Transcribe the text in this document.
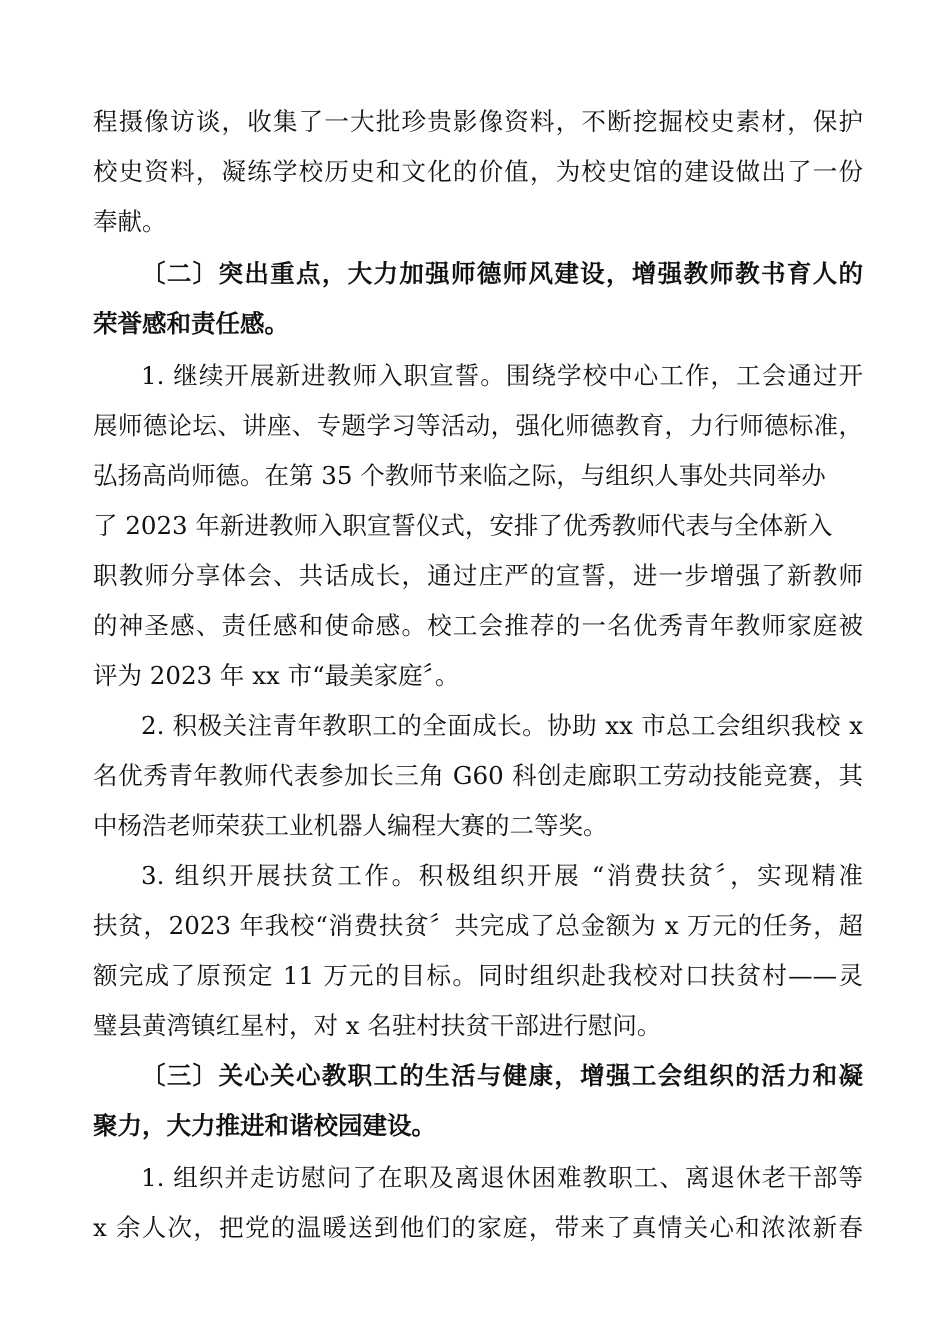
程摄像访谈，收集了一大批珍贵影像资料，不断挖掘校史素材，保护
校史资料，凝练学校历史和文化的价值，为校史馆的建设做出了一份
奉献。
〔二〕突出重点，大力加强师德师风建设，增强教师教书育人的
荣誉感和责任感。
1. 继续开展新进教师入职宣誓。围绕学校中心工作，工会通过开
展师德论坛、讲座、专题学习等活动，强化师德教育，力行师德标准，
弘扬高尚师德。在第 35 个教师节来临之际，与组织人事处共同举办
了 2023 年新进教师入职宣誓仪式，安排了优秀教师代表与全体新入
职教师分享体会、共话成长，通过庄严的宣誓，进一步增强了新教师
的神圣感、责任感和使命感。校工会推荐的一名优秀青年教师家庭被
评为 2023 年 xx 市“最美家庭〞。
2. 积极关注青年教职工的全面成长。协助 xx 市总工会组织我校 x
名优秀青年教师代表参加长三角 G60 科创走廊职工劳动技能竞赛，其
中杨浩老师荣获工业机器人编程大赛的二等奖。
3. 组织开展扶贫工作。积极组织开展 “消费扶贫〞，实现精准
扶贫，2023 年我校“消费扶贫〞共完成了总金额为 x 万元的任务，超
额完成了原预定 11 万元的目标。同时组织赴我校对口扶贫村——灵
璧县黄湾镇红星村，对 x 名驻村扶贫干部进行慰问。
〔三〕关心关心教职工的生活与健康，增强工会组织的活力和凝
聚力，大力推进和谐校园建设。
1. 组织并走访慰问了在职及离退休困难教职工、离退休老干部等
x 余人次，把党的温暖送到他们的家庭，带来了真情关心和浓浓新春
